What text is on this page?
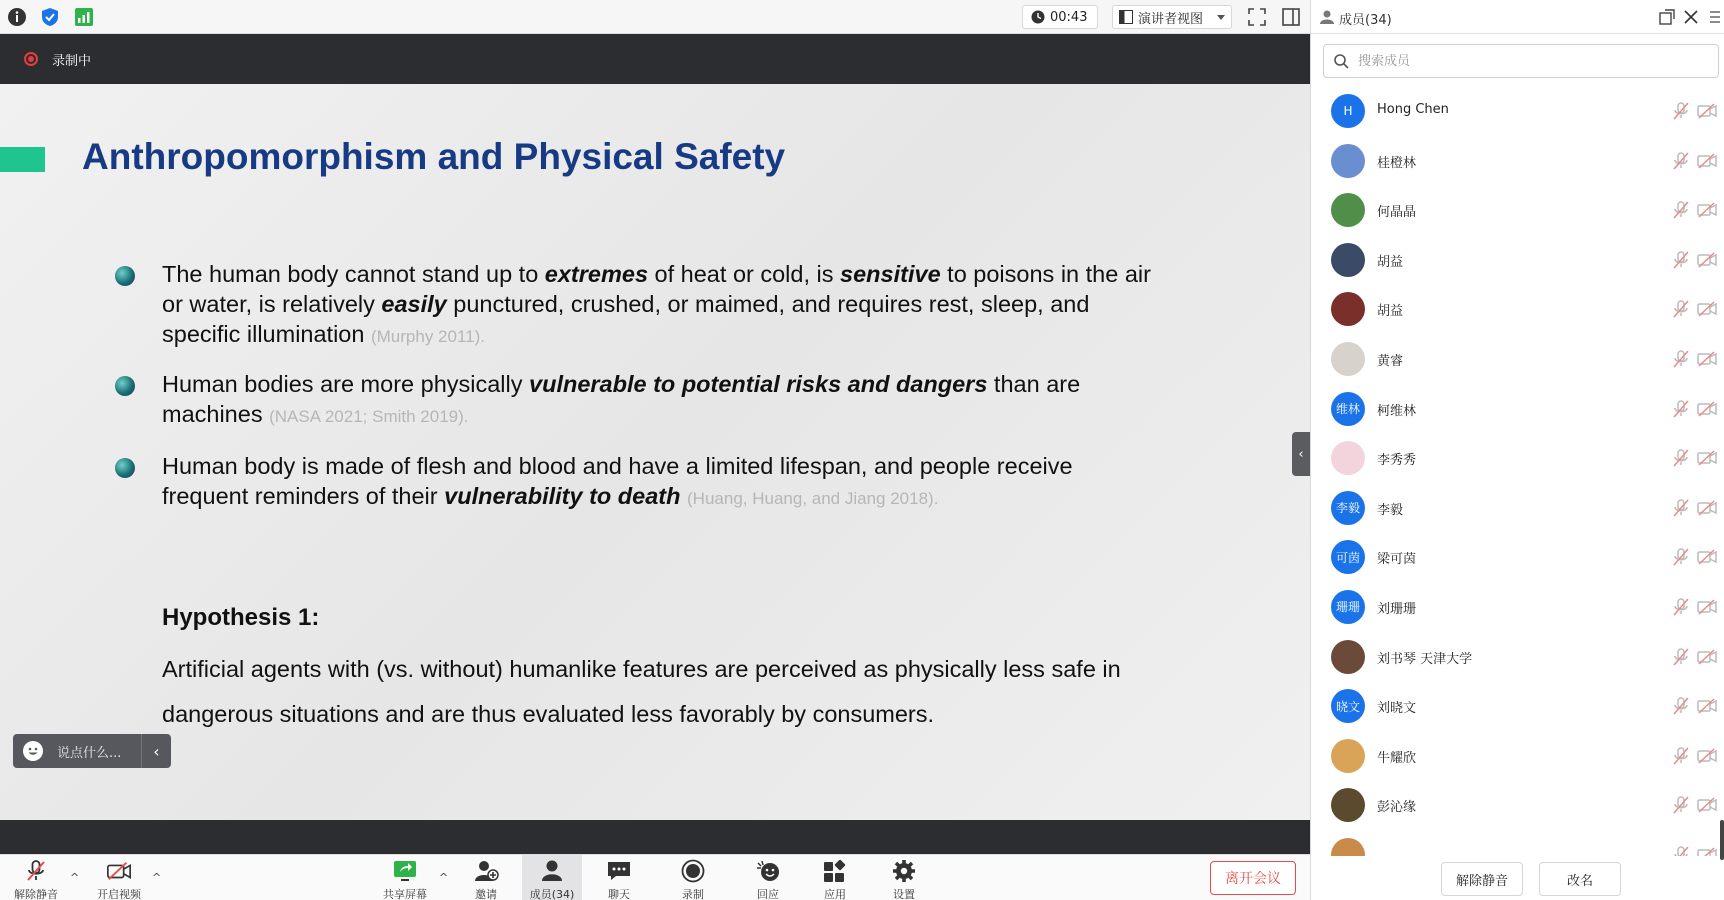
00:43	演讲者视图
录制中
Anthropomorphism and Physical Safety
The human body cannot stand up to extremes of heat or cold, is sensitive to poisons in the air or water, is relatively easily punctured, crushed, or maimed, and requires rest, sleep, and specific illumination (Murphy 2011).
Human bodies are more physically vulnerable to potential risks and dangers than are machines (NASA 2021; Smith 2019).
Human body is made of flesh and blood and have a limited lifespan, and people receive frequent reminders of their vulnerability to death (Huang, Huang, and Jiang 2018).
Hypothesis 1:
Artificial agents with (vs. without) humanlike features are perceived as physically less safe in dangerous situations and are thus evaluated less favorably by consumers.
说点什么...	‹
‹
解除静音
^
开启视频
^
共享屏幕
^
邀请	成员(34)	聊天	录制	回应	应用	设置
离开会议
成员(34)
搜索成员
H	Hong Chen
桂橙林
何晶晶
胡益
胡益
黄睿
维林	柯维林
李秀秀
李毅	李毅
可茵	梁可茵
珊珊	刘珊珊
刘书琴 天津大学
晓文	刘晓文
牛耀欣
彭沁缘
解除静音	改名
